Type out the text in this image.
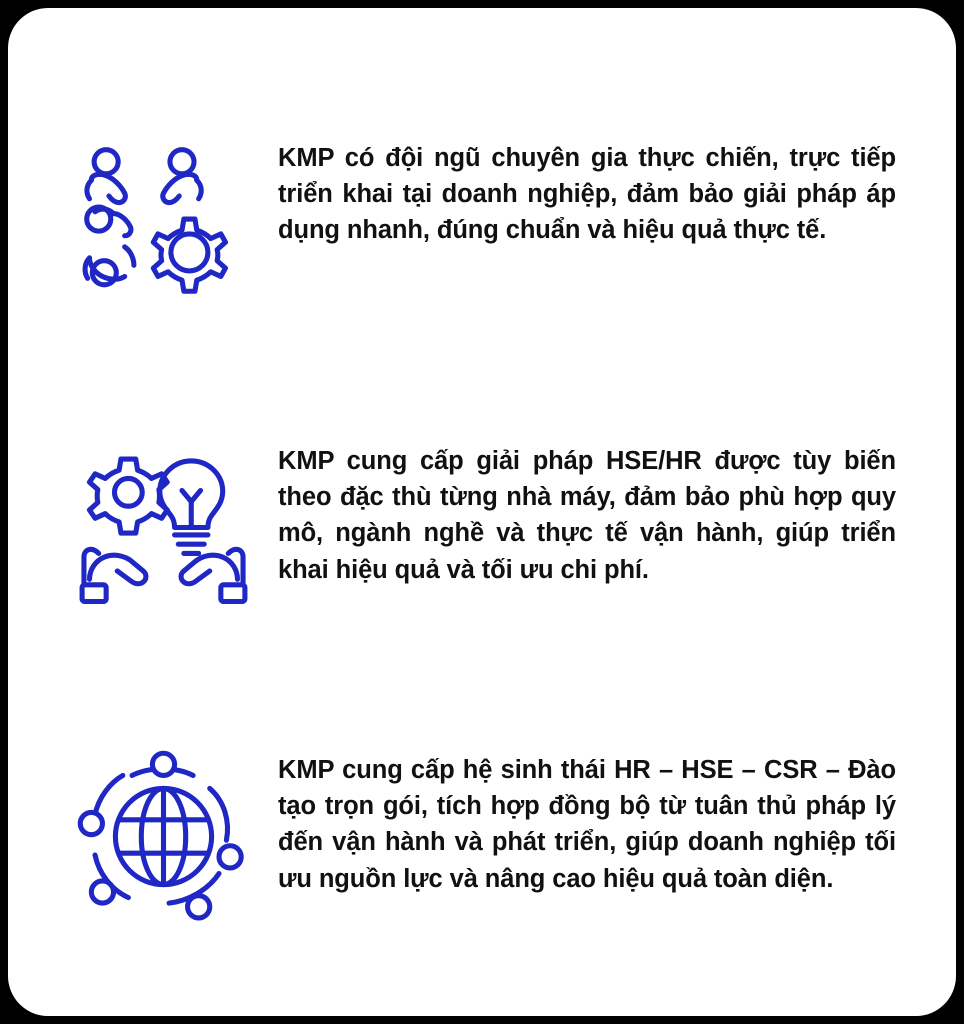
KMP có đội ngũ chuyên gia thực chiến, trực tiếp triển khai tại doanh nghiệp, đảm bảo giải pháp áp dụng nhanh, đúng chuẩn và hiệu quả thực tế.

KMP cung cấp giải pháp HSE/HR được tùy biến theo đặc thù từng nhà máy, đảm bảo phù hợp quy mô, ngành nghề và thực tế vận hành, giúp triển khai hiệu quả và tối ưu chi phí.

KMP cung cấp hệ sinh thái HR – HSE – CSR – Đào tạo trọn gói, tích hợp đồng bộ từ tuân thủ pháp lý đến vận hành và phát triển, giúp doanh nghiệp tối ưu nguồn lực và nâng cao hiệu quả toàn diện.
